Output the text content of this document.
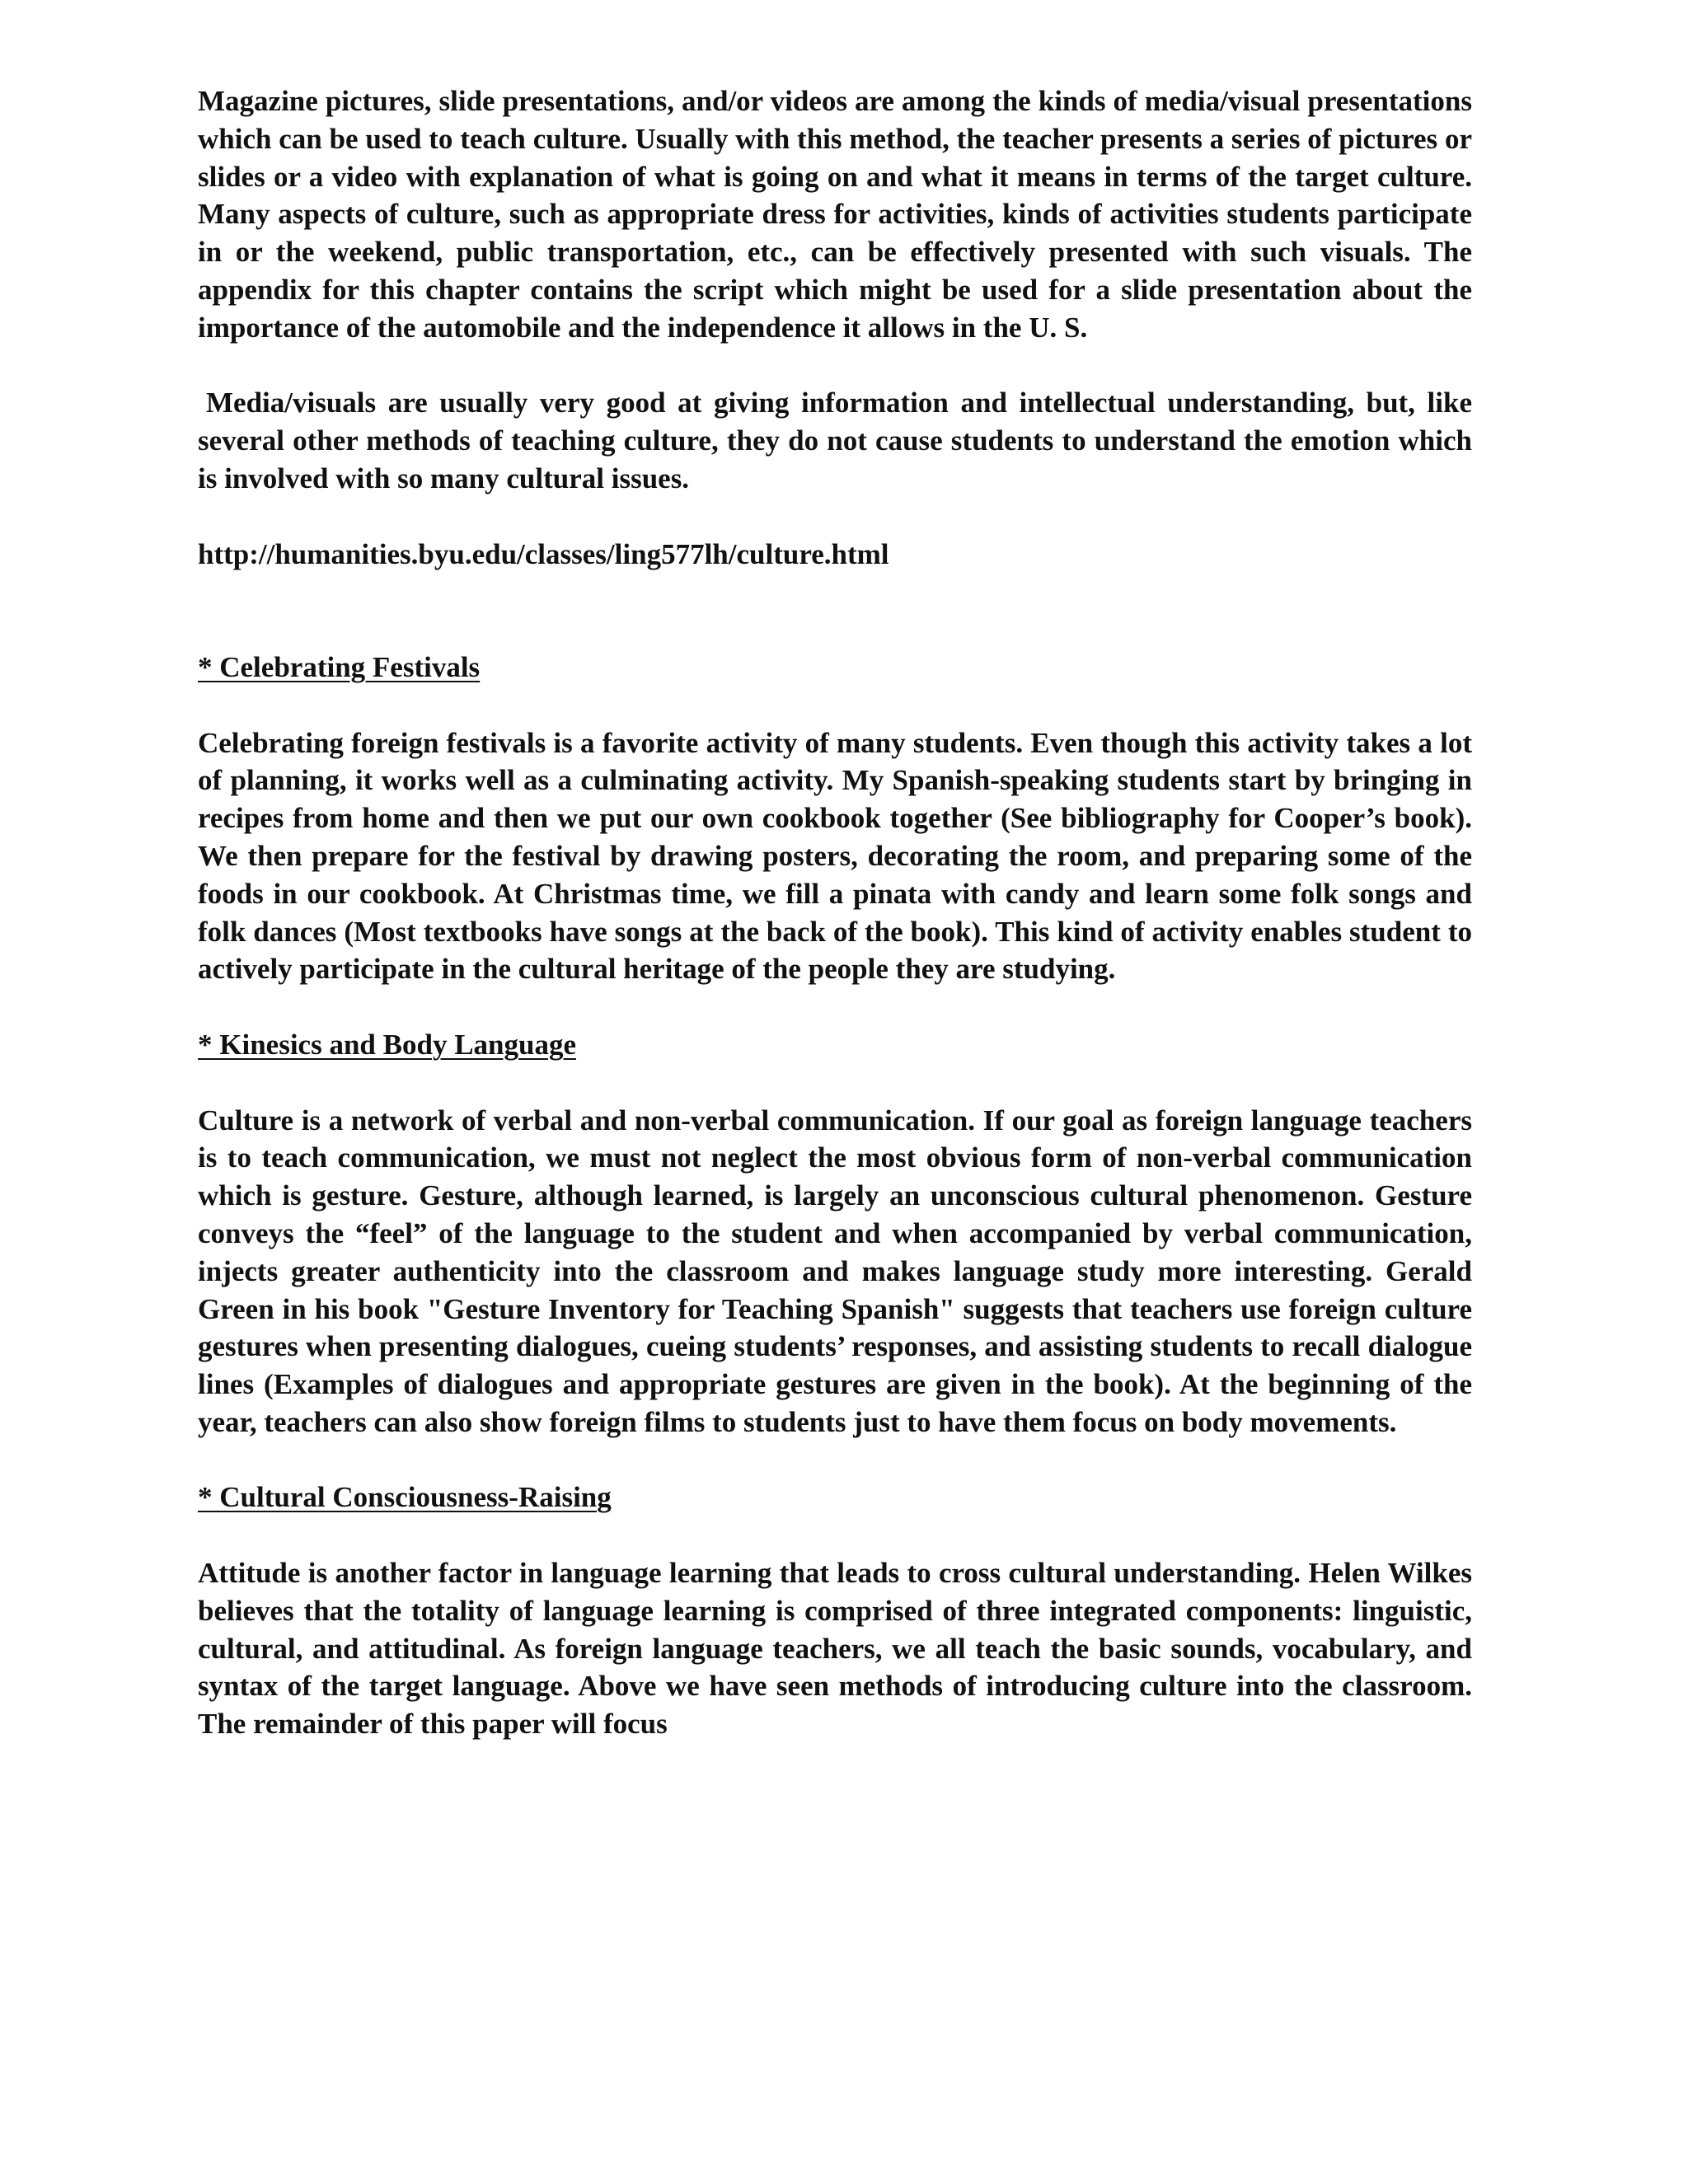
Magazine pictures, slide presentations, and/or videos are among the kinds of media/visual presentations which can be used to teach culture. Usually with this method, the teacher presents a series of pictures or slides or a video with explanation of what is going on and what it means in terms of the target culture. Many aspects of culture, such as appropriate dress for activities, kinds of activities students participate in or the weekend, public transportation, etc., can be effectively presented with such visuals. The appendix for this chapter contains the script which might be used for a slide presentation about the importance of the automobile and the independence it allows in the U. S.

Media/visuals are usually very good at giving information and intellectual understanding, but, like several other methods of teaching culture, they do not cause students to understand the emotion which is involved with so many cultural issues.

http://humanities.byu.edu/classes/ling577lh/culture.html

* Celebrating Festivals

Celebrating foreign festivals is a favorite activity of many students. Even though this activity takes a lot of planning, it works well as a culminating activity. My Spanish-speaking students start by bringing in recipes from home and then we put our own cookbook together (See bibliography for Cooper’s book). We then prepare for the festival by drawing posters, decorating the room, and preparing some of the foods in our cookbook. At Christmas time, we fill a pinata with candy and learn some folk songs and folk dances (Most textbooks have songs at the back of the book). This kind of activity enables student to actively participate in the cultural heritage of the people they are studying.

* Kinesics and Body Language

Culture is a network of verbal and non-verbal communication. If our goal as foreign language teachers is to teach communication, we must not neglect the most obvious form of non-verbal communication which is gesture. Gesture, although learned, is largely an unconscious cultural phenomenon. Gesture conveys the “feel” of the language to the student and when accompanied by verbal communication, injects greater authenticity into the classroom and makes language study more interesting. Gerald Green in his book "Gesture Inventory for Teaching Spanish" suggests that teachers use foreign culture gestures when presenting dialogues, cueing students’ responses, and assisting students to recall dialogue lines (Examples of dialogues and appropriate gestures are given in the book). At the beginning of the year, teachers can also show foreign films to students just to have them focus on body movements.

* Cultural Consciousness-Raising

Attitude is another factor in language learning that leads to cross cultural understanding. Helen Wilkes believes that the totality of language learning is comprised of three integrated components: linguistic, cultural, and attitudinal. As foreign language teachers, we all teach the basic sounds, vocabulary, and syntax of the target language. Above we have seen methods of introducing culture into the classroom. The remainder of this paper will focus
